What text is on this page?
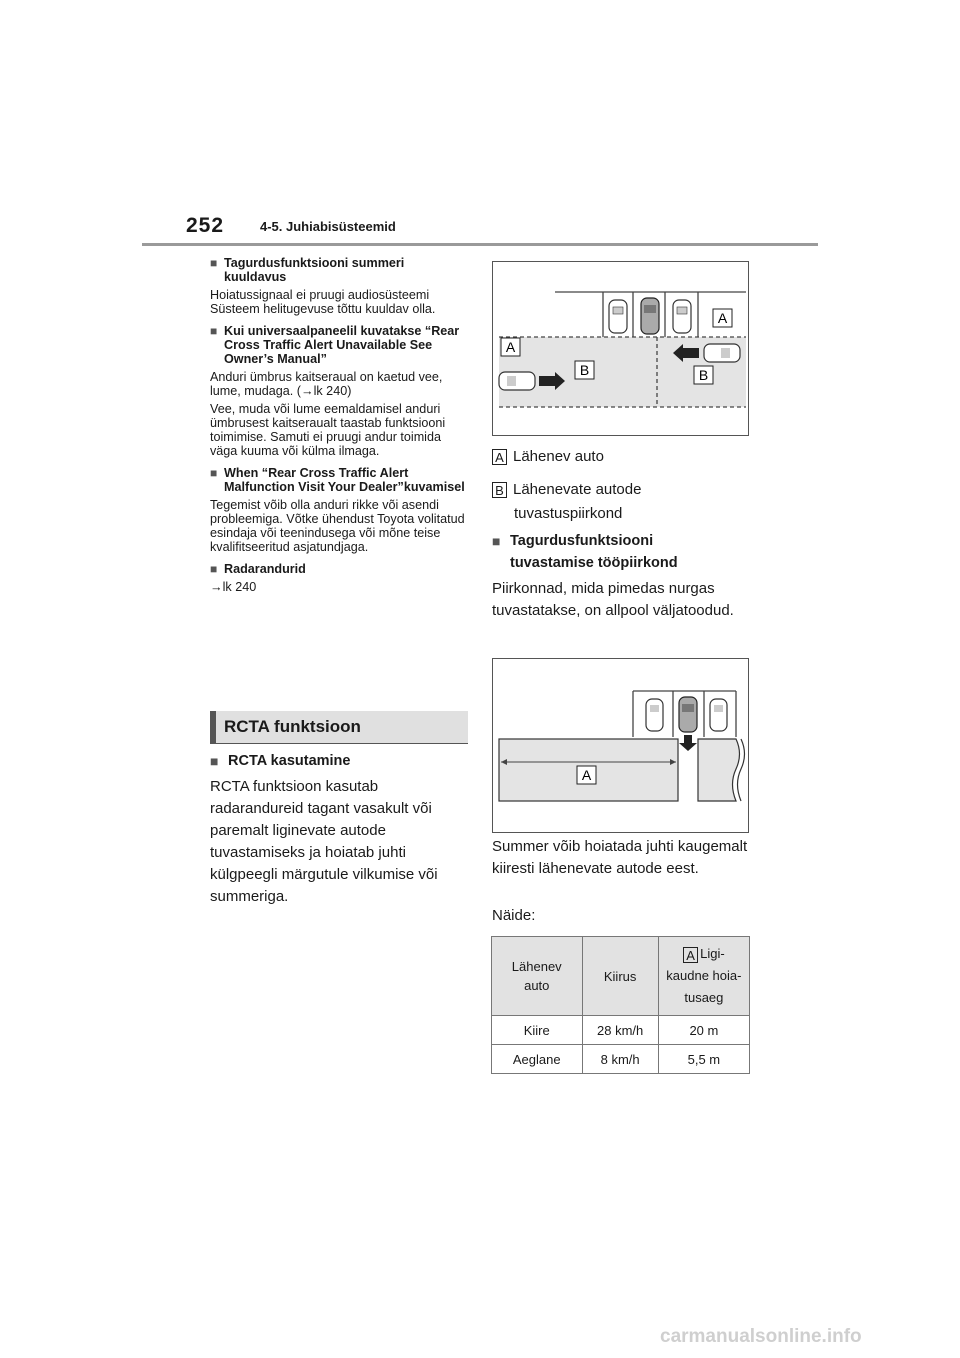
252	4-5. Juhiabisüsteemid

■ Tagurdusfunktsiooni summeri kuuldavus

Hoiatussignaal ei pruugi audiosüsteemi Süsteem helitugevuse tõttu kuuldav olla.

■ Kui universaalpaneelil kuvatakse “Rear Cross Traffic Alert Unavailable See Owner’s Manual”

Anduri ümbrus kaitseraual on kaetud vee, lume, mudaga. (→lk 240)

Vee, muda või lume eemaldamisel anduri ümbrusest kaitseraualt taastab funktsiooni toimimise. Samuti ei pruugi andur toimida väga kuuma või külma ilmaga.

■ When “Rear Cross Traffic Alert Malfunction Visit Your Dealer”kuvamisel

Tegemist võib olla anduri rikke või asendi probleemiga. Võtke ühendust Toyota volitatud esindaja või teenindusega või mõne teise kvalifitseeritud asjatundjaga.

■ Radarandurid

→lk 240

RCTA funktsioon
■ RCTA kasutamine
RCTA funktsioon kasutab radarandureid tagant vasakult või paremalt liginevate autode tuvastamiseks ja hoiatab juhti külgpeegli märgutule vilkumise või summeriga.
A
B
A
B
A Lähenev auto
B Lähenevate autode
tuvastuspiirkond
■ Tagurdusfunktsiooni
tuvastamise tööpiirkond
Piirkonnad, mida pimedas nurgas tuvastatakse, on allpool väljatoodud.
A
Summer võib hoiatada juhti kaugemalt kiiresti lähenevate autode eest.
Näide:
Lähenev auto	Kiirus	A Ligi-
kaudne hoia-
tusaeg
Kiire	28 km/h	20 m
Aeglane	8 km/h	5,5 m
carmanualsonline.info
